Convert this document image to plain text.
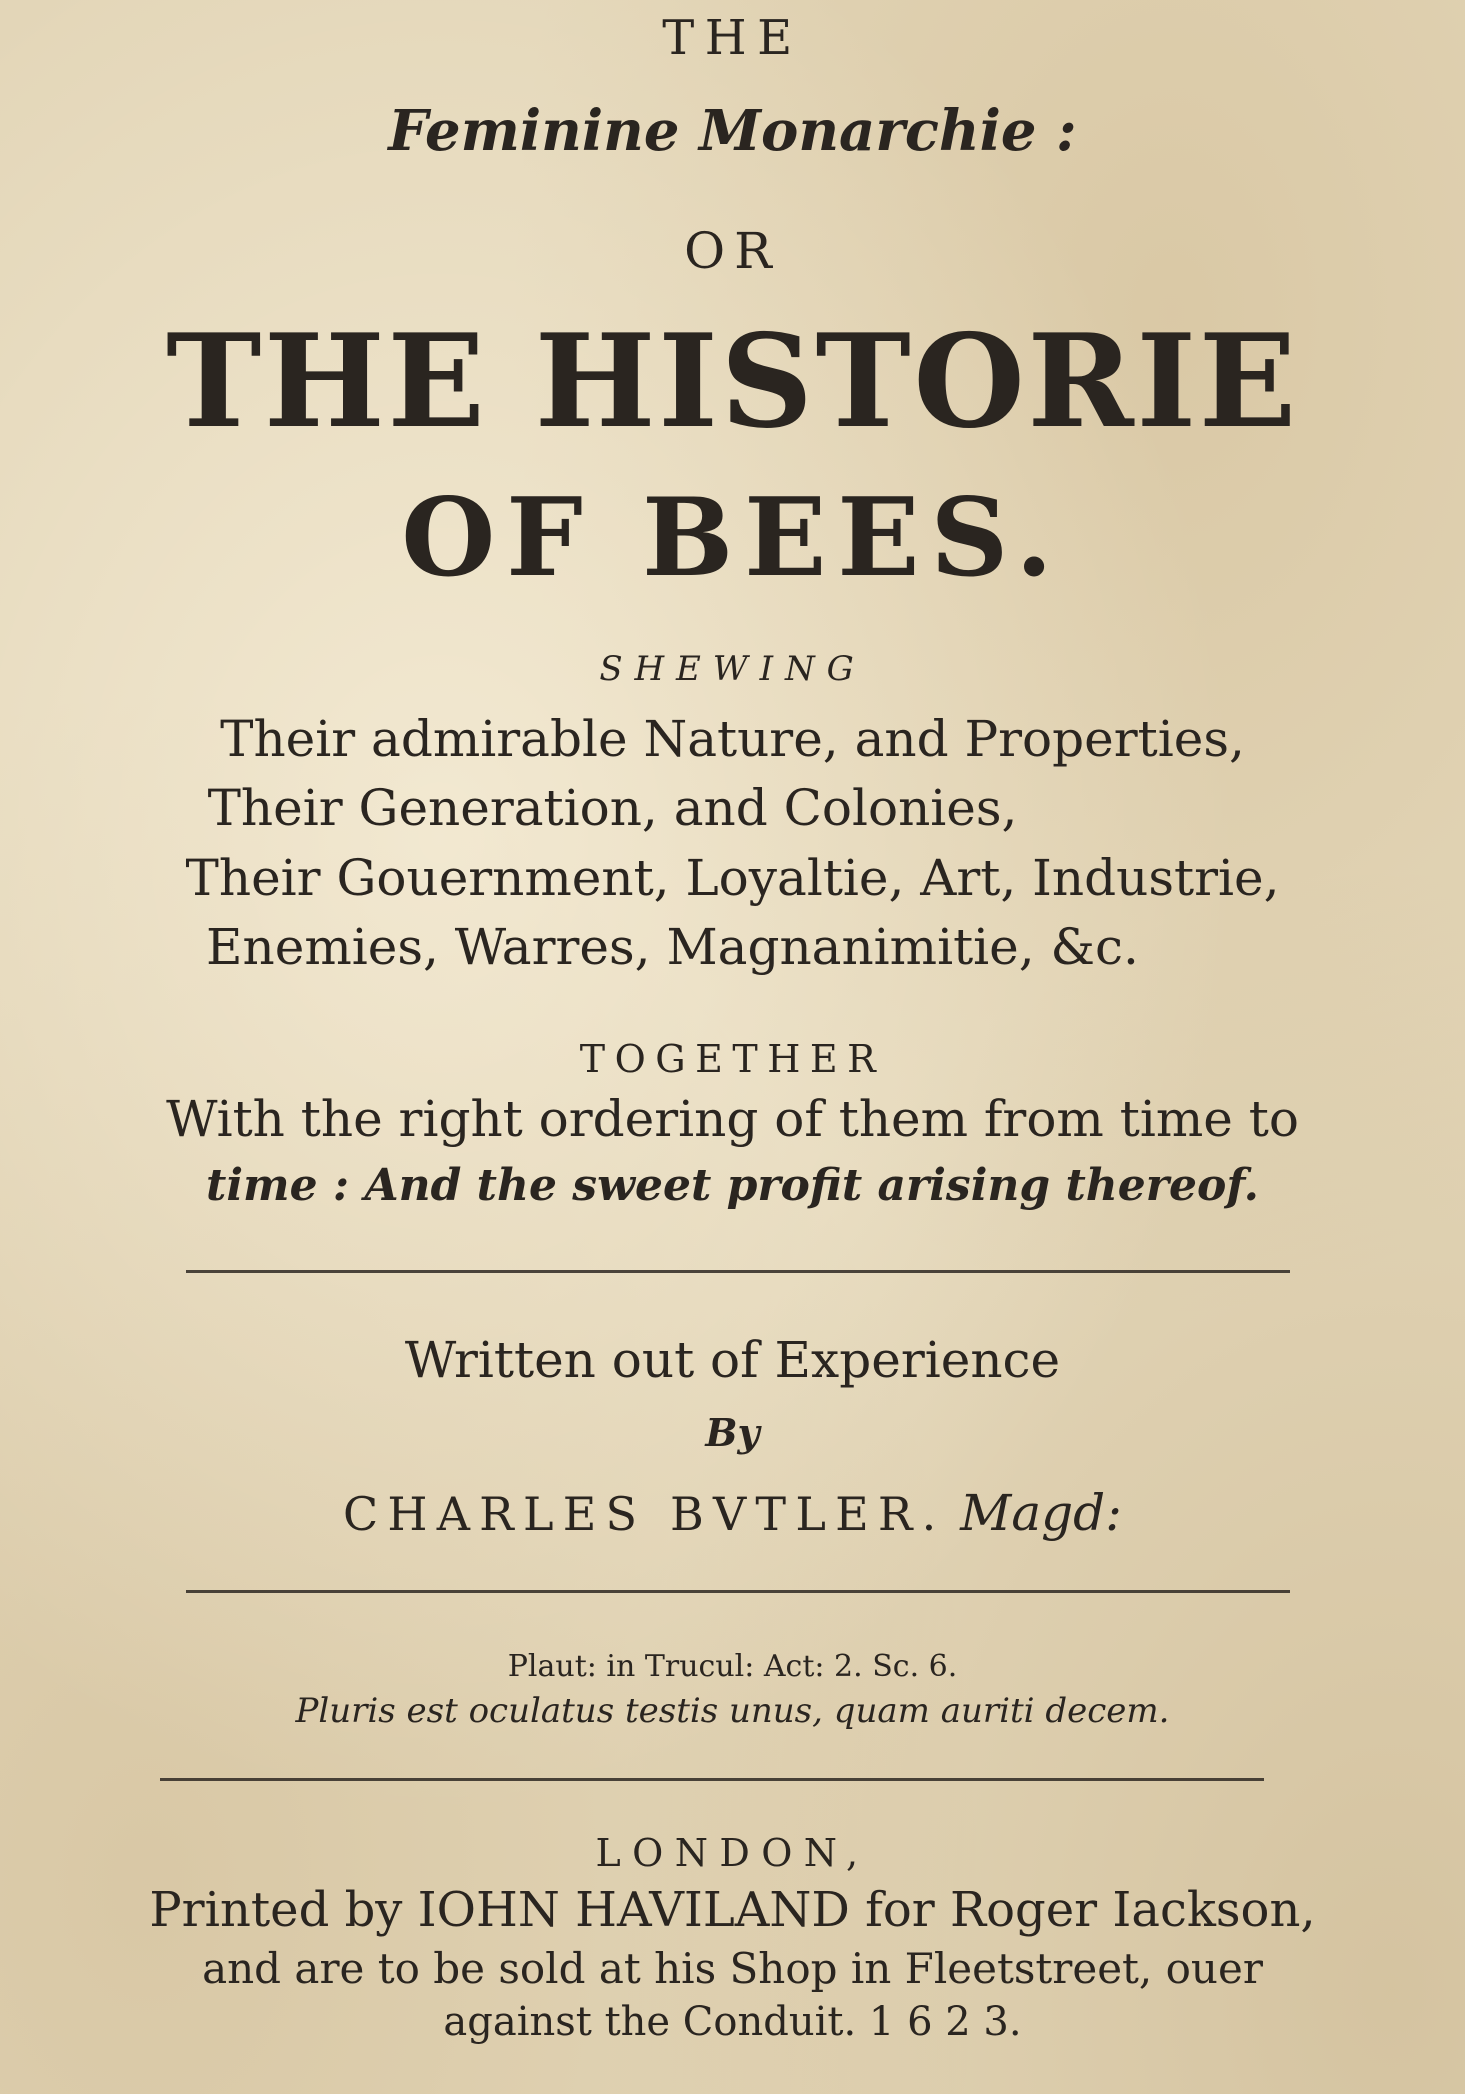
THE
Feminine Monarchie :
OR
THE HISTORIE
OF BEES.
SHEWING
Their admirable Nature, and Properties,
Their Generation, and Colonies,
Their Gouernment, Loyaltie, Art, Industrie,
Enemies, Warres, Magnanimitie, &c.
TOGETHER
With the right ordering of them from time to
time : And the sweet profit arising thereof.
Written out of Experience
By
CHARLES BVTLER. Magd:
Plaut: in Trucul: Act: 2. Sc. 6.
Pluris est oculatus testis unus, quam auriti decem.
LONDON,
Printed by IOHN HAVILAND for Roger Iackson,
and are to be sold at his Shop in Fleetstreet, ouer
against the Conduit. 1 6 2 3.
